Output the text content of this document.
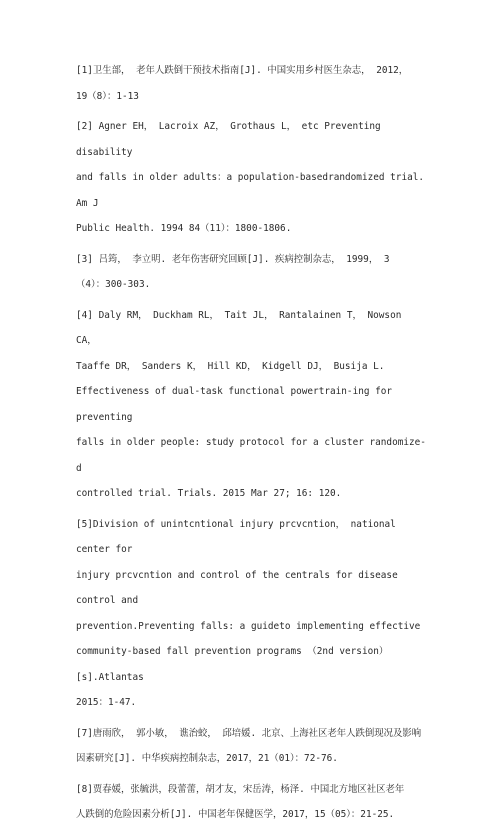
[1]卫生部， 老年人跌倒干预技术指南[J]. 中国实用乡村医生杂志， 2012，
19（8）：1-13

[2] Agner EH， Lacroix AZ， Grothaus L， etc Preventing disability
and falls in older adults：a population-basedrandomized trial. Am J
Public Health. 1994 84（11）：1800-1806.

[3] 吕筠， 李立明. 老年伤害研究回顾[J]. 疾病控制杂志， 1999， 3
（4）：300-303.

[4] Daly RM， Duckham RL， Tait JL， Rantalainen T， Nowson CA，
Taaffe DR， Sanders K， Hill KD， Kidgell DJ， Busija L.
Effectiveness of dual-task functional powertrain-ing for preventing
falls in older people: study protocol for a cluster randomize-d
controlled trial. Trials. 2015 Mar 27; 16: 120.

[5]Division of unintcntional injury prcvcntion， national center for
injury prcvcntion and control of the centrals for disease control and
prevention.Preventing falls: a guideto implementing effective
community-based fall prevention programs （2nd version）[s].Atlantas
2015：1-47.

[7]唐雨欣， 郭小敏， 谯治蛟， 邱培媛. 北京、上海社区老年人跌倒现况及影响
因素研究[J]. 中华疾病控制杂志，2017，21（01）：72-76.

[8]贾春媛，张毓洪，段蕾蕾，胡才友，宋岳涛，杨泽. 中国北方地区社区老年
人跌倒的危险因素分析[J]. 中国老年保健医学，2017，15（05）：21-25.
